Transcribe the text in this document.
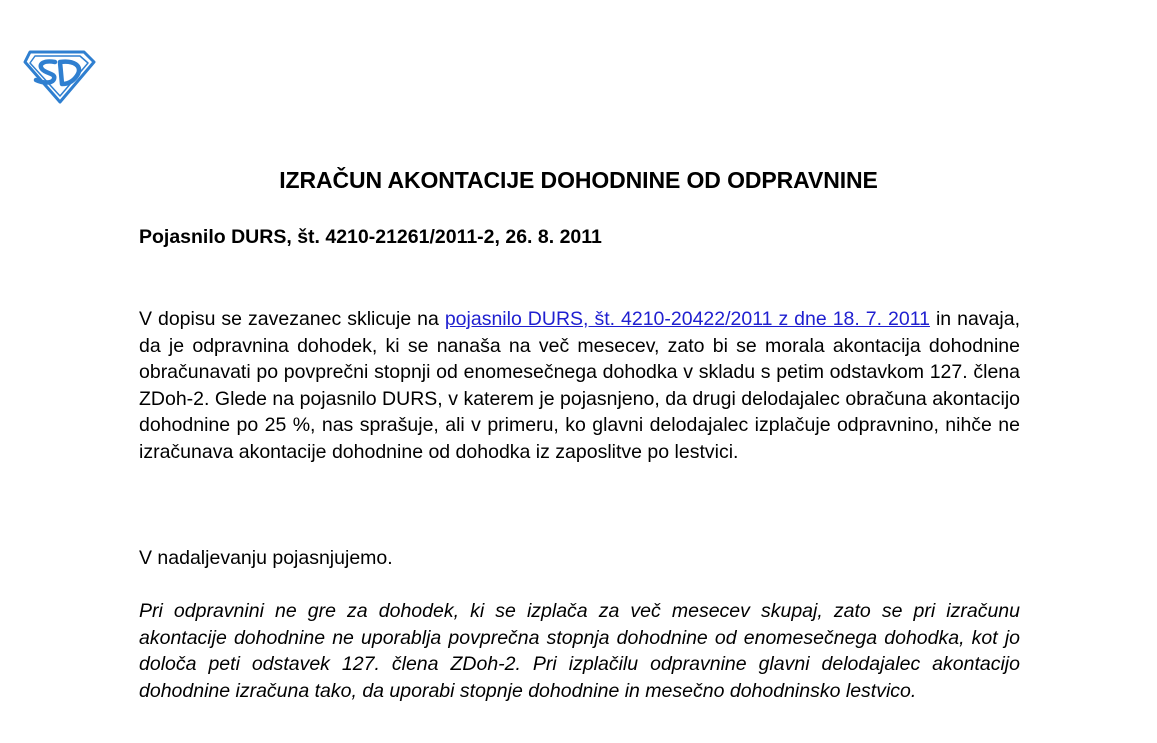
IZRAČUN AKONTACIJE DOHODNINE OD ODPRAVNINE

Pojasnilo DURS, št. 4210-21261/2011-2, 26. 8. 2011

V dopisu se zavezanec sklicuje na pojasnilo DURS, št. 4210-20422/2011 z dne 18. 7. 2011 in navaja, da je odpravnina dohodek, ki se nanaša na več mesecev, zato bi se morala akontacija dohodnine obračunavati po povprečni stopnji od enomesečnega dohodka v skladu s petim odstavkom 127. člena ZDoh-2. Glede na pojasnilo DURS, v katerem je pojasnjeno, da drugi delodajalec obračuna akontacijo dohodnine po 25 %, nas sprašuje, ali v primeru, ko glavni delodajalec izplačuje odpravnino, nihče ne izračunava akontacije dohodnine od dohodka iz zaposlitve po lestvici.

V nadaljevanju pojasnjujemo.

Pri odpravnini ne gre za dohodek, ki se izplača za več mesecev skupaj, zato se pri izračunu akontacije dohodnine ne uporablja povprečna stopnja dohodnine od enomesečnega dohodka, kot jo določa peti odstavek 127. člena ZDoh-2. Pri izplačilu odpravnine glavni delodajalec akontacijo dohodnine izračuna tako, da uporabi stopnje dohodnine in mesečno dohodninsko lestvico.
